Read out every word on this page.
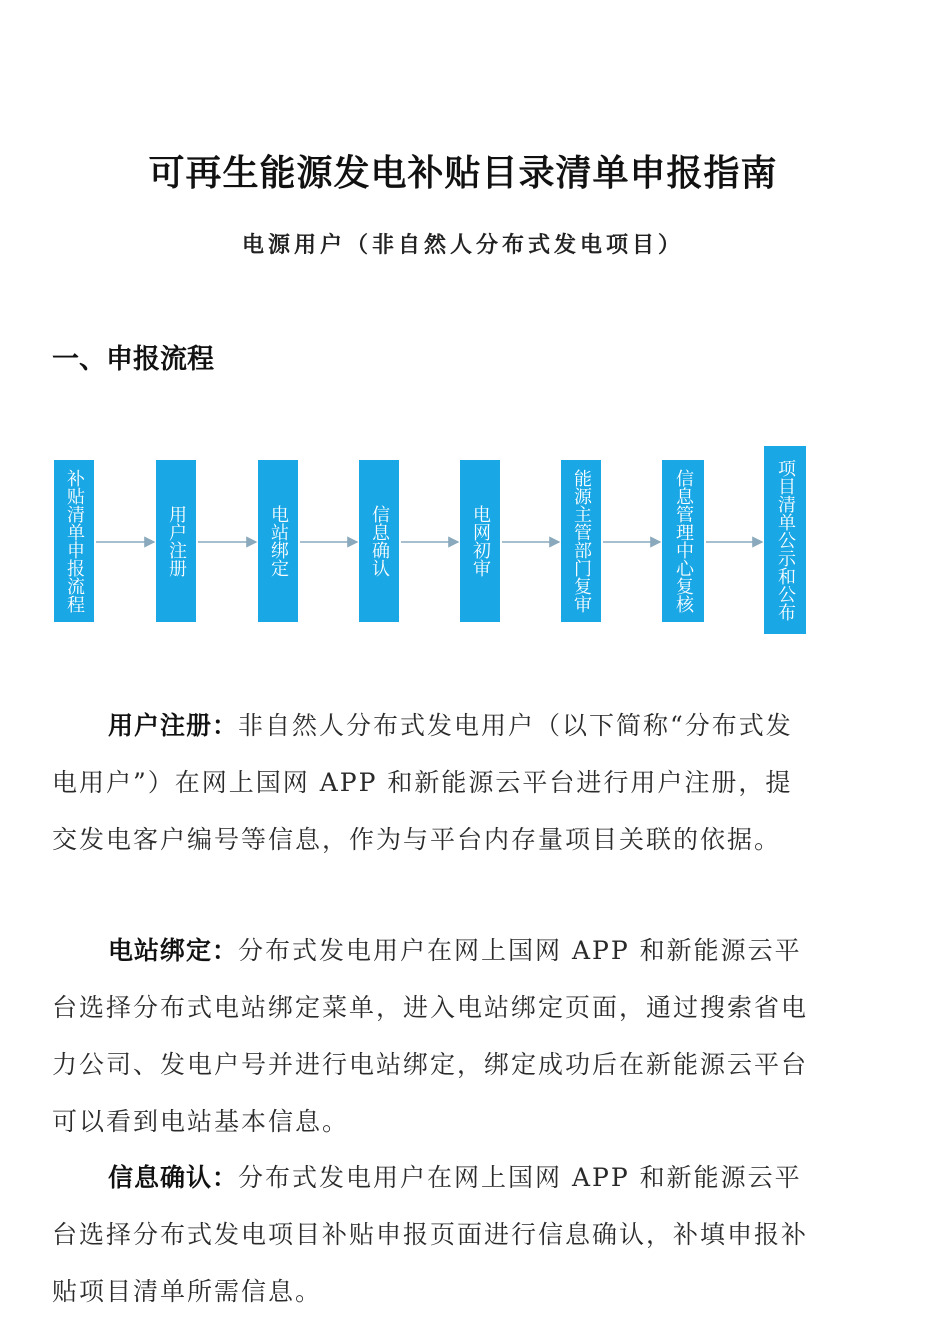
可再生能源发电补贴目录清单申报指南
电源用户（非自然人分布式发电项目）
一、申报流程
补贴清单申报流程	用户注册	电站绑定	信息确认	电网初审	能源主管部门复审	信息管理中心复核	项目清单公示和公布
用户注册：非自然人分布式发电用户（以下简称“分布式发电用户”）在网上国网 APP 和新能源云平台进行用户注册，提交发电客户编号等信息，作为与平台内存量项目关联的依据。
电站绑定：分布式发电用户在网上国网 APP 和新能源云平台选择分布式电站绑定菜单，进入电站绑定页面，通过搜索省电力公司、发电户号并进行电站绑定，绑定成功后在新能源云平台可以看到电站基本信息。
信息确认：分布式发电用户在网上国网 APP 和新能源云平台选择分布式发电项目补贴申报页面进行信息确认，补填申报补贴项目清单所需信息。
